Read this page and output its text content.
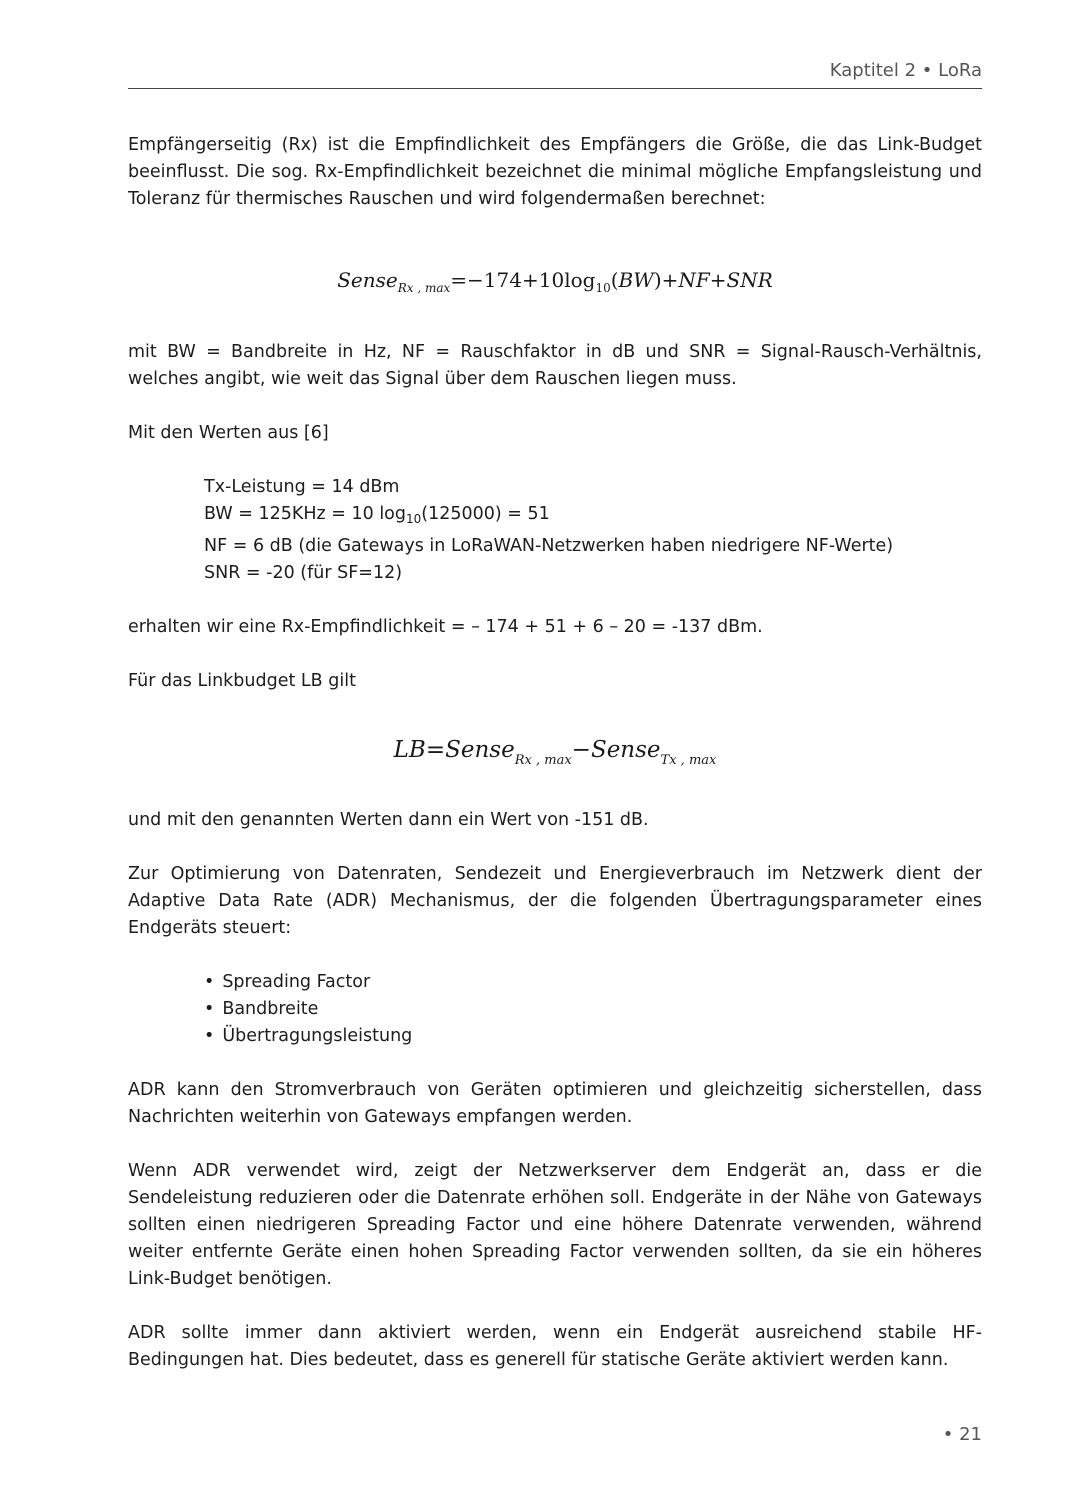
Kaptitel 2 • LoRa

Empfängerseitig (Rx) ist die Empfindlichkeit des Empfängers die Größe, die das Link-Budget beeinflusst. Die sog. Rx-Empfindlichkeit bezeichnet die minimal mögliche Empfangsleistung und Toleranz für thermisches Rauschen und wird folgendermaßen berechnet:

$Sense_{Rx , max}=-174+10\log_{10}(BW)+NF+SNR$

mit BW = Bandbreite in Hz, NF = Rauschfaktor in dB und SNR = Signal-Rausch-Verhältnis, welches angibt, wie weit das Signal über dem Rauschen liegen muss.

Mit den Werten aus [6]

Tx-Leistung = 14 dBm
BW = 125KHz = 10 $\log_{10}(125000) = 51$
NF = 6 dB (die Gateways in LoRaWAN-Netzwerken haben niedrigere NF-Werte)
SNR = -20 (für SF=12)

erhalten wir eine Rx-Empfindlichkeit = – 174 + 51 + 6 – 20 = -137 dBm.

Für das Linkbudget LB gilt

LB=Sense$_{Rx , max}$−Sense$_{Tx , max}$

und mit den genannten Werten dann ein Wert von -151 dB.

Zur Optimierung von Datenraten, Sendezeit und Energieverbrauch im Netzwerk dient der Adaptive Data Rate (ADR) Mechanismus, der die folgenden Übertragungsparameter eines Endgeräts steuert:

• Spreading Factor
• Bandbreite
• Übertragungsleistung

ADR kann den Stromverbrauch von Geräten optimieren und gleichzeitig sicherstellen, dass Nachrichten weiterhin von Gateways empfangen werden.

Wenn ADR verwendet wird, zeigt der Netzwerkserver dem Endgerät an, dass er die Sendeleistung reduzieren oder die Datenrate erhöhen soll. Endgeräte in der Nähe von Gateways sollten einen niedrigeren Spreading Factor und eine höhere Datenrate verwenden, während weiter entfernte Geräte einen hohen Spreading Factor verwenden sollten, da sie ein höheres Link-Budget benötigen.

ADR sollte immer dann aktiviert werden, wenn ein Endgerät ausreichend stabile HF-Bedingungen hat. Dies bedeutet, dass es generell für statische Geräte aktiviert werden kann.

• 21
